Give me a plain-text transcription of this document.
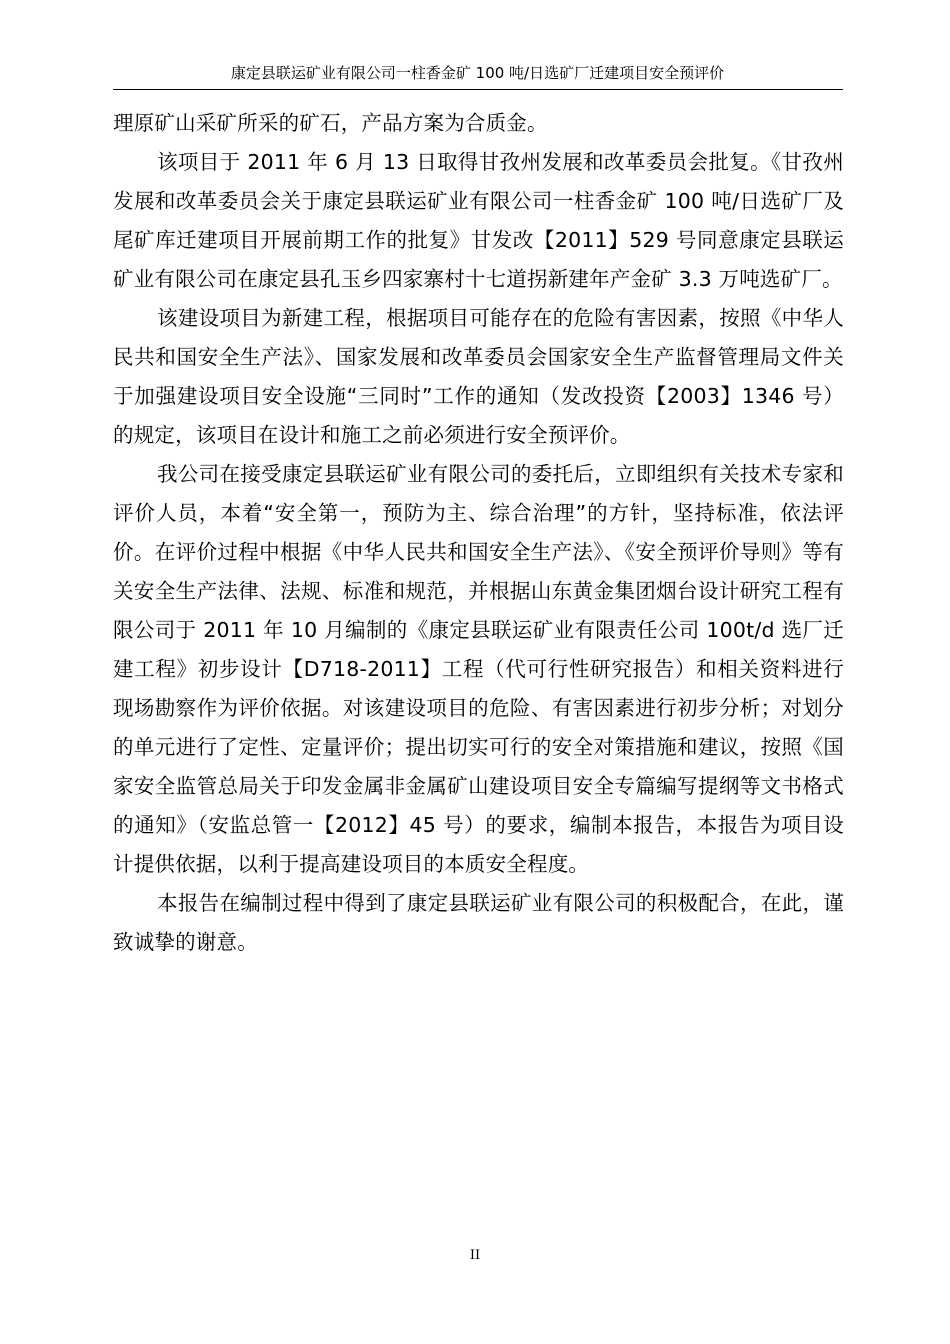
康定县联运矿业有限公司一柱香金矿 100 吨/日选矿厂迁建项目安全预评价

理原矿山采矿所采的矿石，产品方案为合质金。

该项目于 2011 年 6 月 13 日取得甘孜州发展和改革委员会批复。《甘孜州发展和改革委员会关于康定县联运矿业有限公司一柱香金矿 100 吨/日选矿厂及尾矿库迁建项目开展前期工作的批复》甘发改【2011】529 号同意康定县联运矿业有限公司在康定县孔玉乡四家寨村十七道拐新建年产金矿 3.3 万吨选矿厂。

该建设项目为新建工程，根据项目可能存在的危险有害因素，按照《中华人民共和国安全生产法》、国家发展和改革委员会国家安全生产监督管理局文件关于加强建设项目安全设施“三同时”工作的通知（发改投资【2003】1346 号）的规定，该项目在设计和施工之前必须进行安全预评价。

我公司在接受康定县联运矿业有限公司的委托后，立即组织有关技术专家和评价人员，本着“安全第一，预防为主、综合治理”的方针，坚持标准，依法评价。在评价过程中根据《中华人民共和国安全生产法》、《安全预评价导则》等有关安全生产法律、法规、标准和规范，并根据山东黄金集团烟台设计研究工程有限公司于 2011 年 10 月编制的《康定县联运矿业有限责任公司 100t/d 选厂迁建工程》初步设计【D718-2011】工程（代可行性研究报告）和相关资料进行现场勘察作为评价依据。对该建设项目的危险、有害因素进行初步分析；对划分的单元进行了定性、定量评价；提出切实可行的安全对策措施和建议，按照《国家安全监管总局关于印发金属非金属矿山建设项目安全专篇编写提纲等文书格式的通知》（安监总管一【2012】45 号）的要求，编制本报告，本报告为项目设计提供依据，以利于提高建设项目的本质安全程度。

本报告在编制过程中得到了康定县联运矿业有限公司的积极配合，在此，谨致诚挚的谢意。

II
